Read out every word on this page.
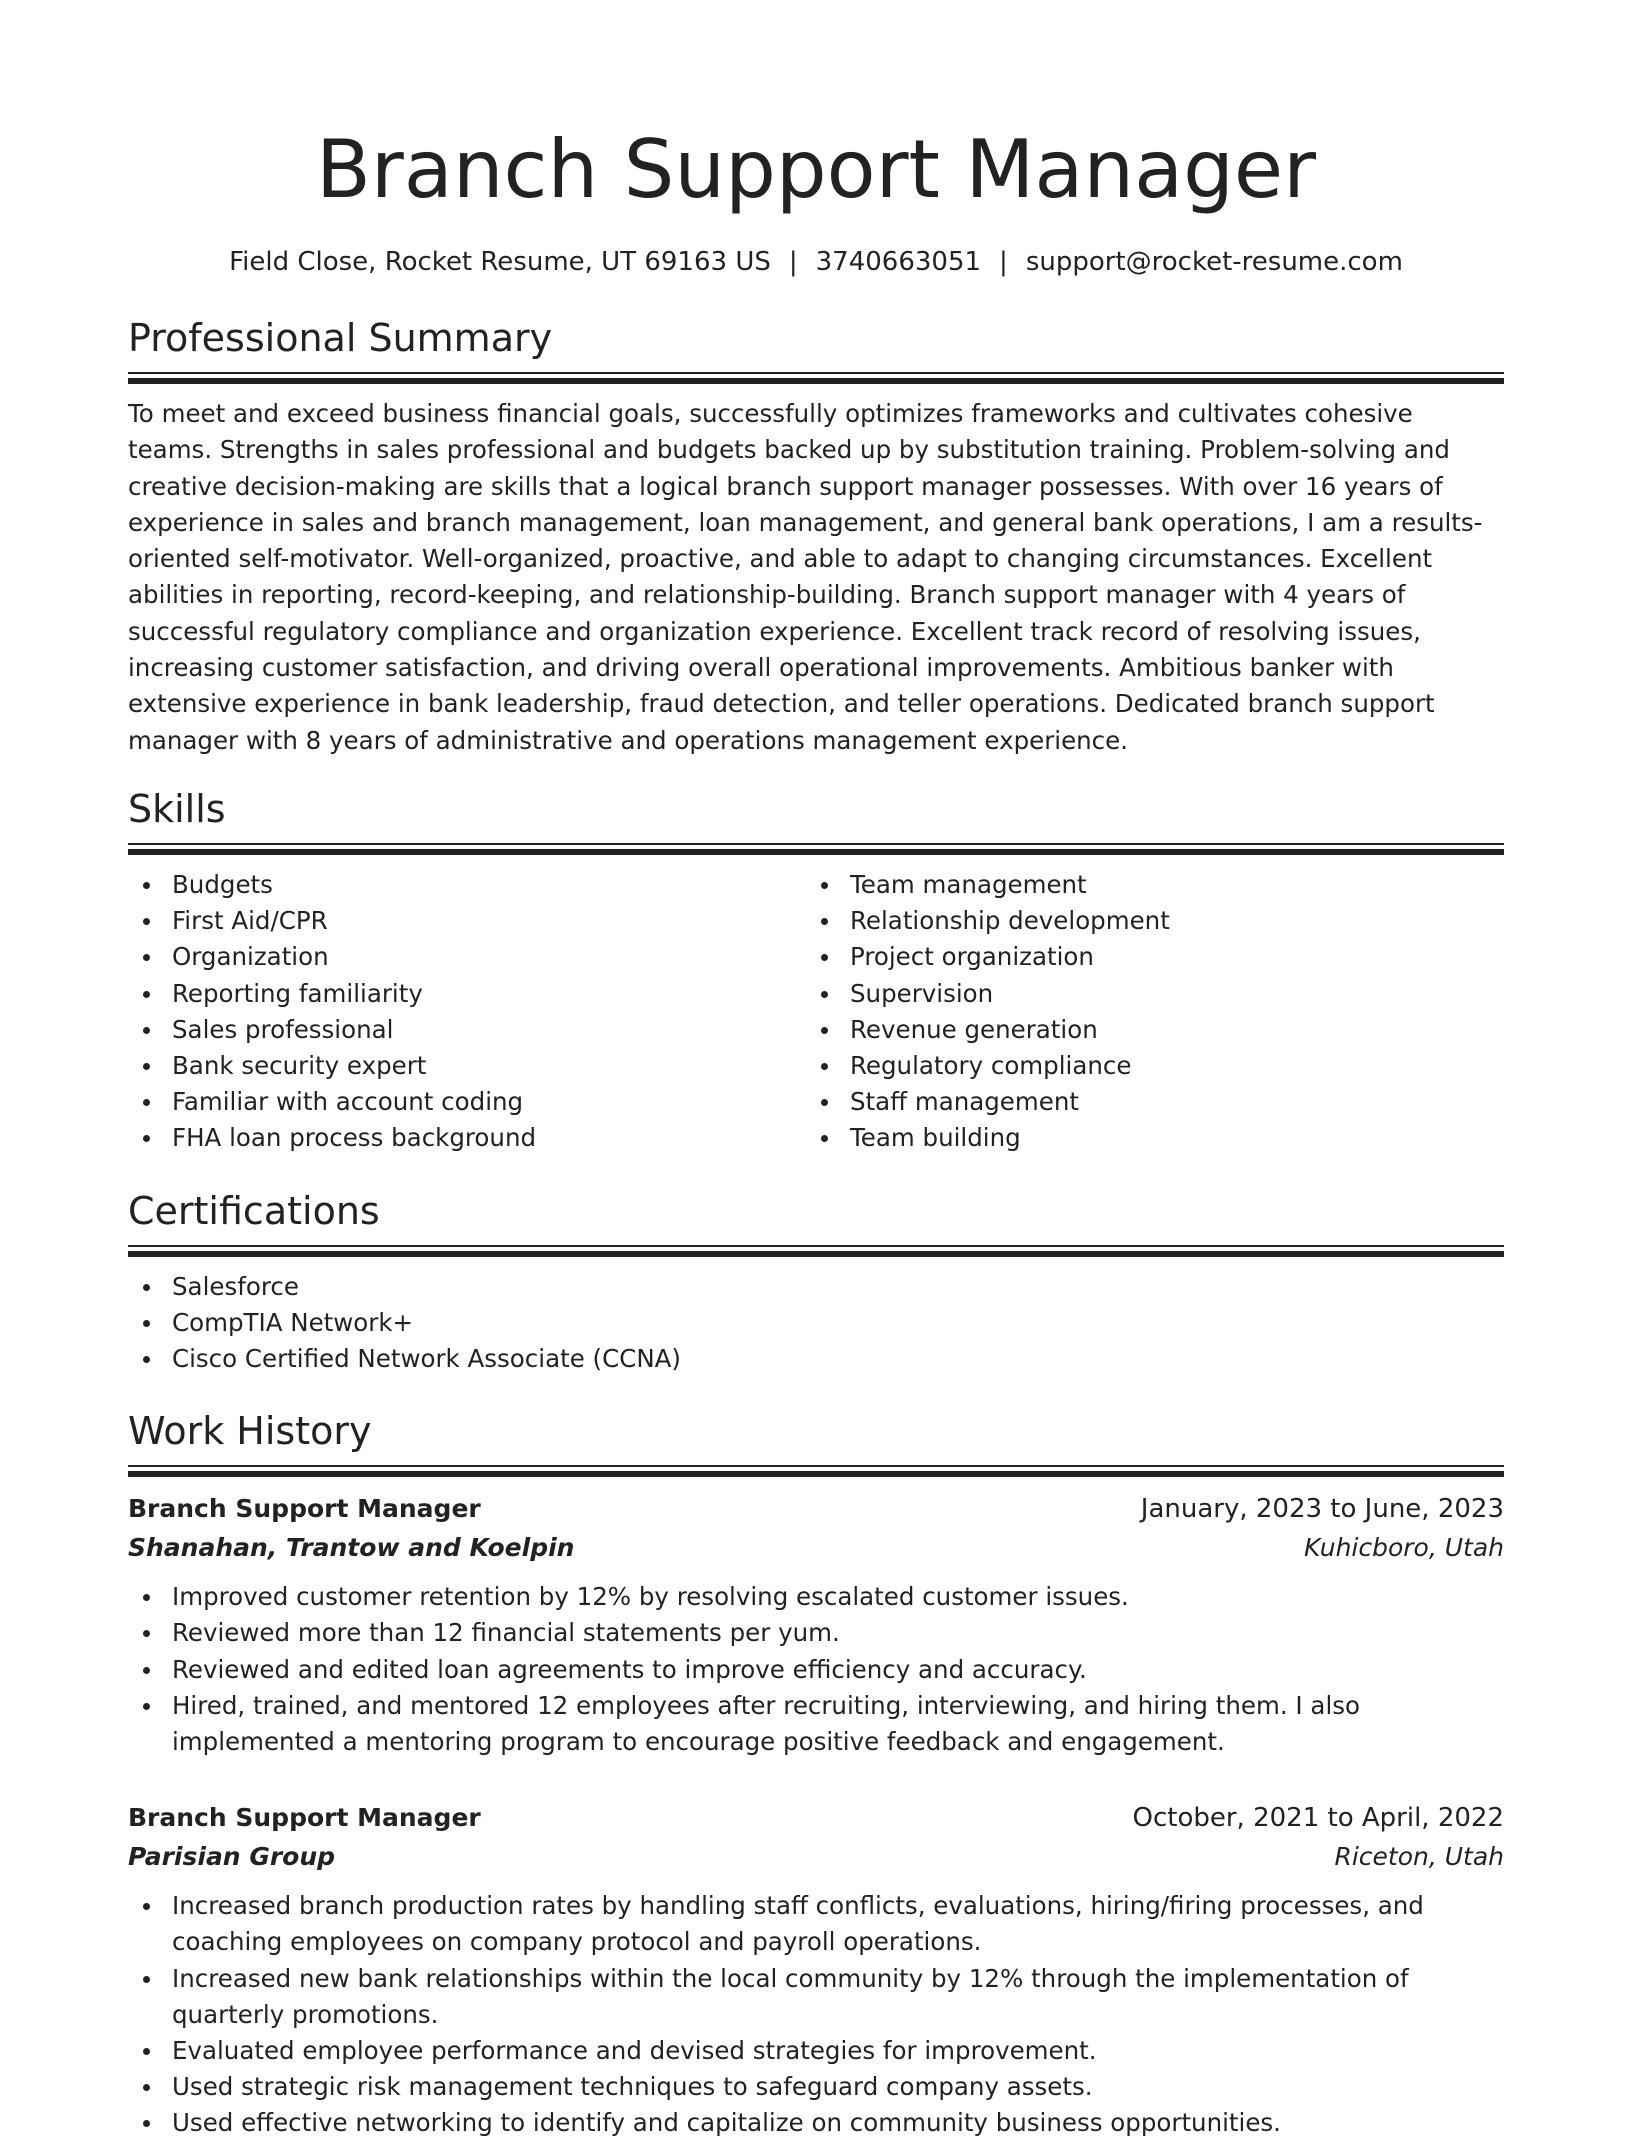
Branch Support Manager
Field Close, Rocket Resume, UT 69163 US | 3740663051 | support@rocket-resume.com
Professional Summary

To meet and exceed business financial goals, successfully optimizes frameworks and cultivates cohesive teams. Strengths in sales professional and budgets backed up by substitution training. Problem-solving and creative decision-making are skills that a logical branch support manager possesses. With over 16 years of experience in sales and branch management, loan management, and general bank operations, I am a results-oriented self-motivator. Well-organized, proactive, and able to adapt to changing circumstances. Excellent abilities in reporting, record-keeping, and relationship-building. Branch support manager with 4 years of successful regulatory compliance and organization experience. Excellent track record of resolving issues, increasing customer satisfaction, and driving overall operational improvements. Ambitious banker with extensive experience in bank leadership, fraud detection, and teller operations. Dedicated branch support manager with 8 years of administrative and operations management experience.

Skills
Budgets
First Aid/CPR
Organization
Reporting familiarity
Sales professional
Bank security expert
Familiar with account coding
FHA loan process background
Team management
Relationship development
Project organization
Supervision
Revenue generation
Regulatory compliance
Staff management
Team building
Certifications
Salesforce
CompTIA Network+
Cisco Certified Network Associate (CCNA)
Work History
Branch Support Manager	January, 2023 to June, 2023
Shanahan, Trantow and Koelpin	Kuhicboro, Utah
Improved customer retention by 12% by resolving escalated customer issues.
Reviewed more than 12 financial statements per yum.
Reviewed and edited loan agreements to improve efficiency and accuracy.
Hired, trained, and mentored 12 employees after recruiting, interviewing, and hiring them. I also implemented a mentoring program to encourage positive feedback and engagement.
Branch Support Manager	October, 2021 to April, 2022
Parisian Group	Riceton, Utah
Increased branch production rates by handling staff conflicts, evaluations, hiring/firing processes, and coaching employees on company protocol and payroll operations.
Increased new bank relationships within the local community by 12% through the implementation of quarterly promotions.
Evaluated employee performance and devised strategies for improvement.
Used strategic risk management techniques to safeguard company assets.
Used effective networking to identify and capitalize on community business opportunities.
